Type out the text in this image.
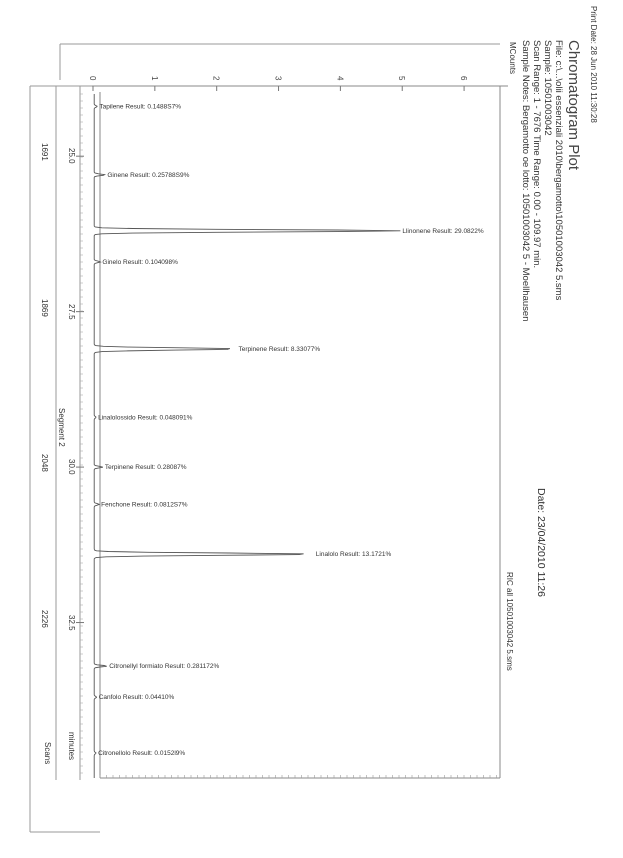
0	1	2	3	4	5	6
Tapilene Result: 0.1488S7%
Ginene Result: 0.25788S9%
Llinonene Result: 29.0822%
Ginelo Result: 0.104098%
Terpinene Result: 8.33077%
Linalolossido Result: 0.048091%
Terpinene Result: 0.28087%
Fenchone Result: 0.0812S7%
Linalolo Result: 13.1721%
Citronellyl formiato Result: 0.281172%
Canfolo Result: 0.04410%
Citronellolo Result: 0.0152l9%
Print Date: 28 Jun 2010 11:30:28
Chromatogram Plot
File: c:\...\olii essenziali 2010\bergamotto\10501003042 5.sms
Sample: 10501003042
Scan Range: 1 - 7676 Time Range: 0.00 - 109.97 min.
Sample Notes: Bergamotto oe lotto: 10501003042 5 - Moellhausen
Date: 23/04/2010 11:26
MCounts
RIC all 10501003042 5.sms
minutes
Segment 2
Scans
25.0
27.5
30.0
32.5
1691
1869
2048
2226
